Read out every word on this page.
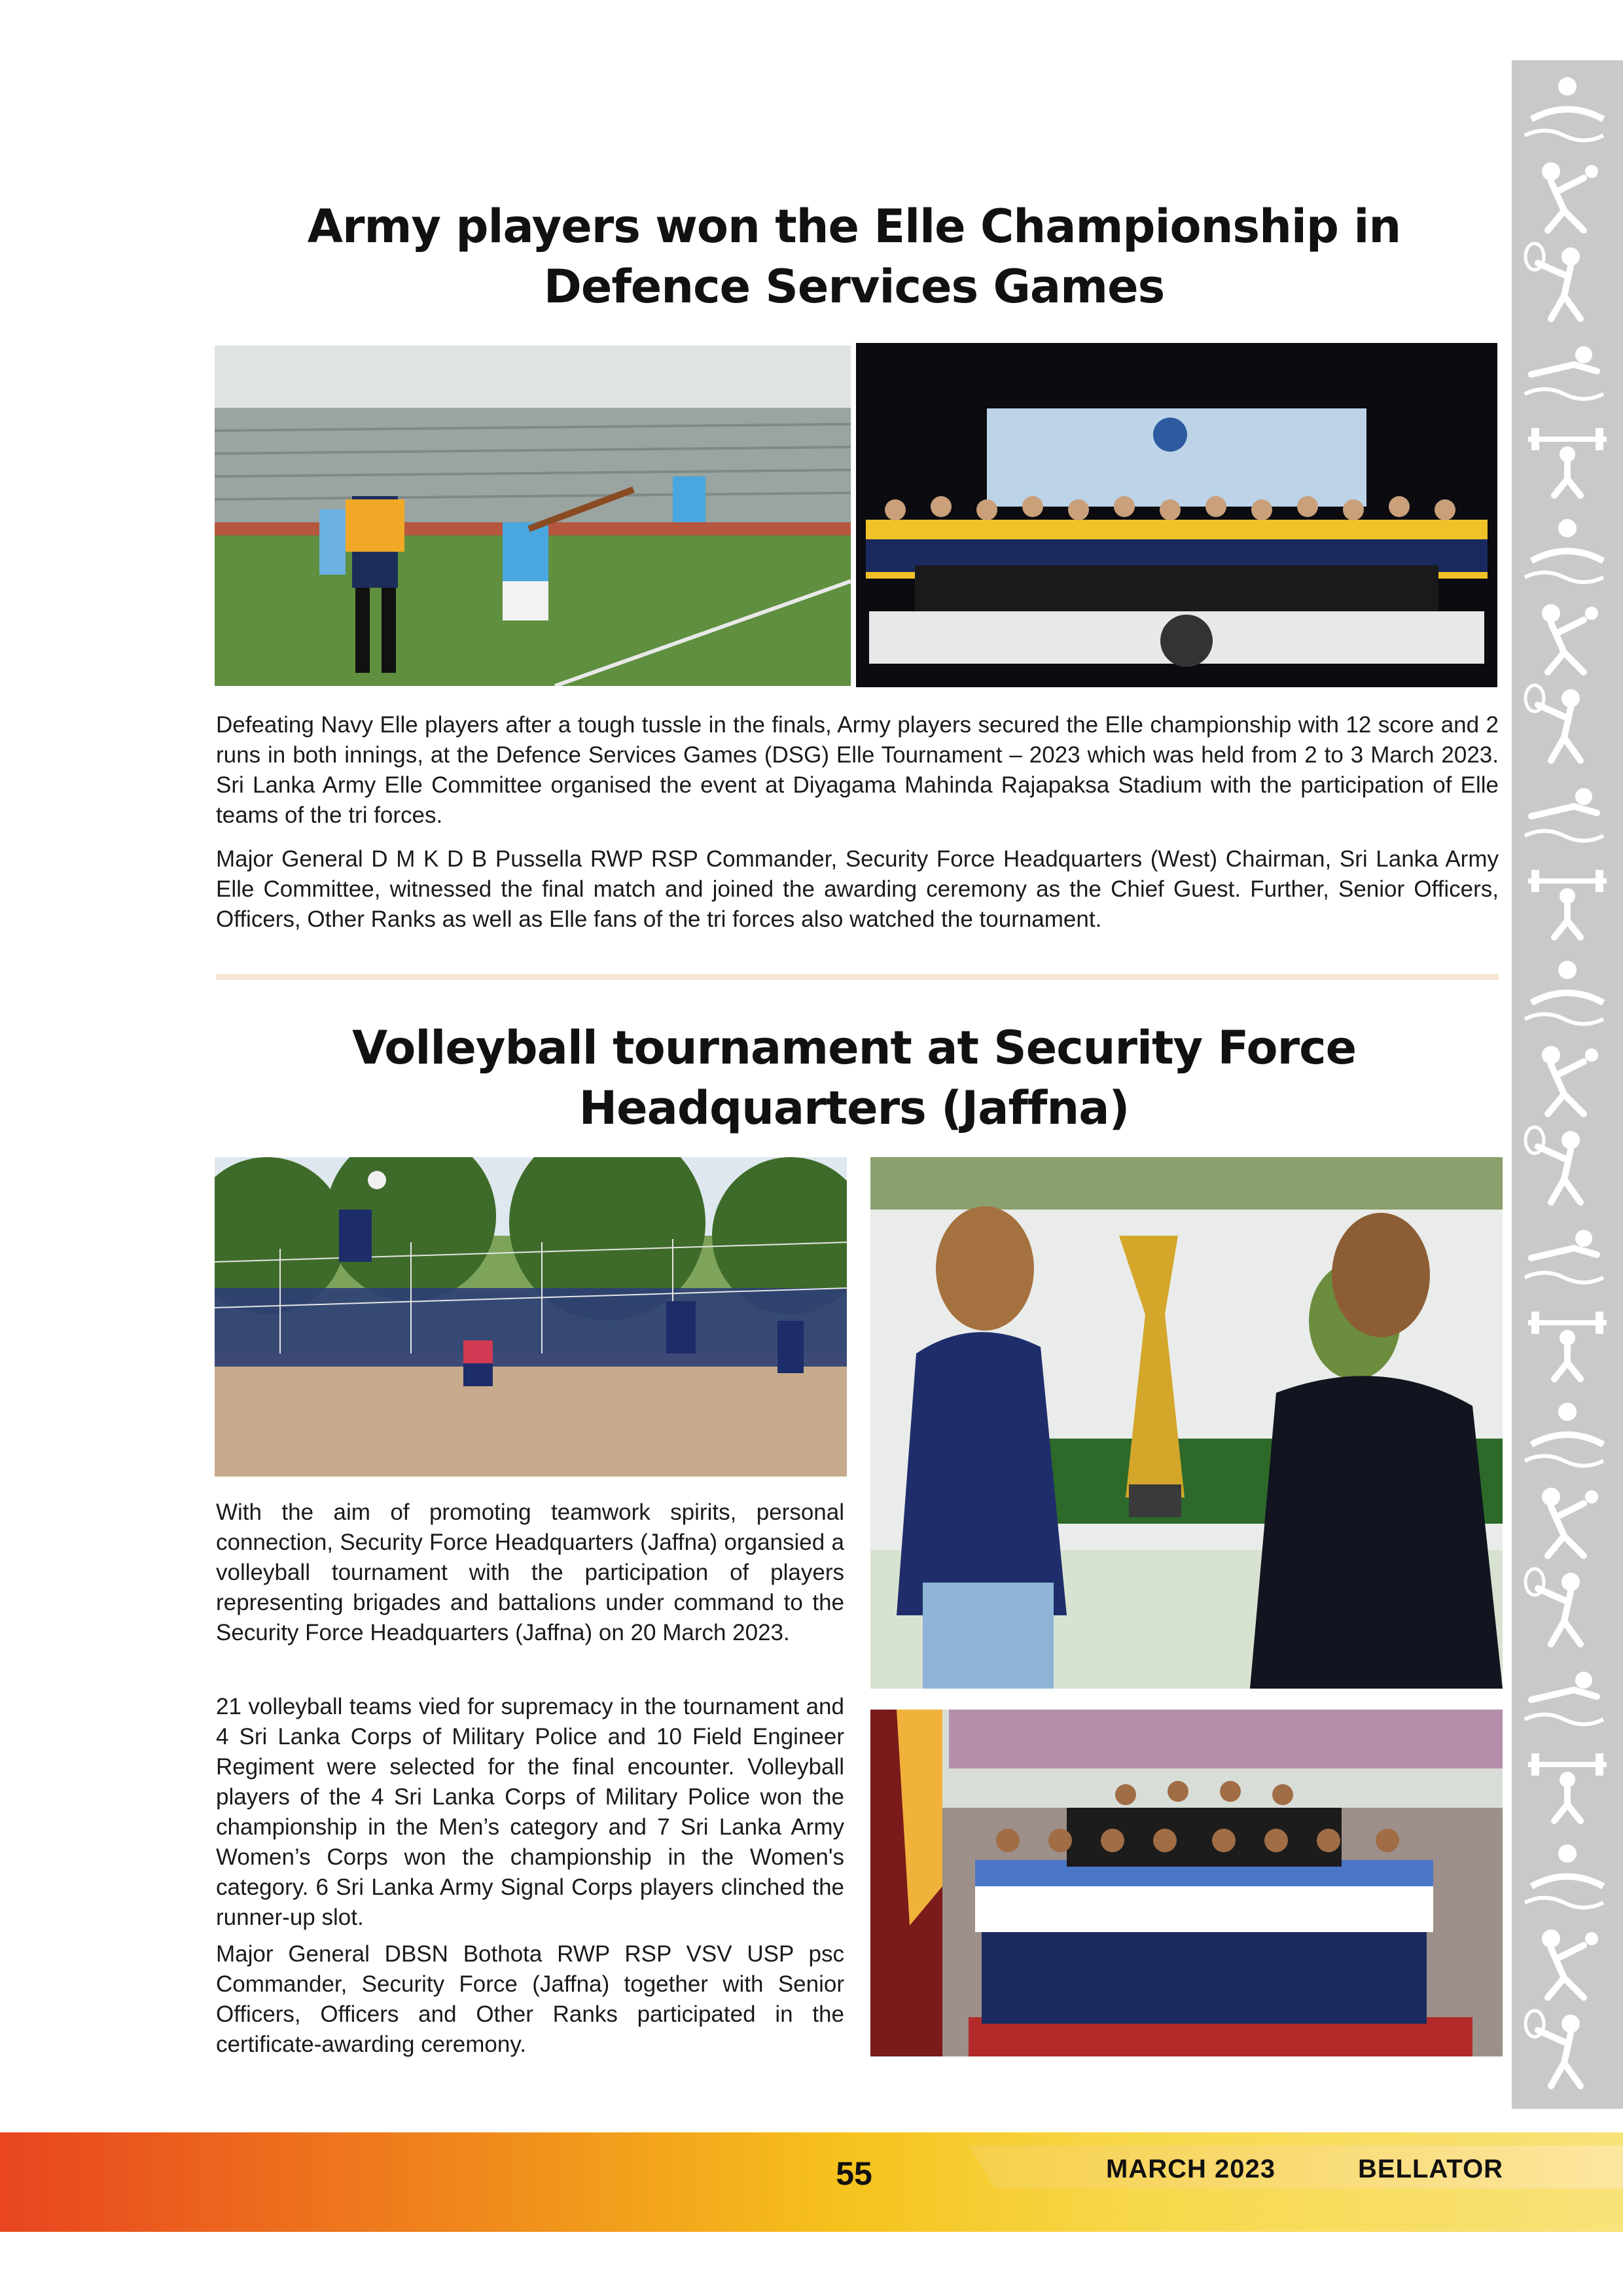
Army players won the Elle Championship in
Defence Services Games

Defeating Navy Elle players after a tough tussle in the finals, Army players secured the Elle championship with 12 score and 2 runs in both innings, at the Defence Services Games (DSG) Elle Tournament – 2023 which was held from 2 to 3 March 2023. Sri Lanka Army Elle Committee organised the event at Diyagama Mahinda Rajapaksa Stadium with the participation of Elle teams of the tri forces.

Major General D M K D B Pussella RWP RSP Commander, Security Force Headquarters (West) Chairman, Sri Lanka Army Elle Committee, witnessed the final match and joined the awarding ceremony as the Chief Guest. Further, Senior Officers, Officers, Other Ranks as well as Elle fans of the tri forces also watched the tournament.

Volleyball tournament at Security Force
Headquarters (Jaffna)

With the aim of promoting teamwork spirits, personal connection, Security Force Headquarters (Jaffna) organsied a volleyball tournament with the participation of players representing brigades and battalions under command to the Security Force Headquarters (Jaffna) on 20 March 2023.

21 volleyball teams vied for supremacy in the tournament and 4 Sri Lanka Corps of Military Police and 10 Field Engineer Regiment were selected for the final encounter. Volleyball players of the 4 Sri Lanka Corps of Military Police won the championship in the Men’s category and 7 Sri Lanka Army Women’s Corps won the championship in the Women's category. 6 Sri Lanka Army Signal Corps players clinched the runner-up slot.

Major General DBSN Bothota RWP RSP VSV USP psc Commander, Security Force (Jaffna) together with Senior Officers, Officers and Other Ranks participated in the certificate-awarding ceremony.

55	MARCH 2023	BELLATOR
